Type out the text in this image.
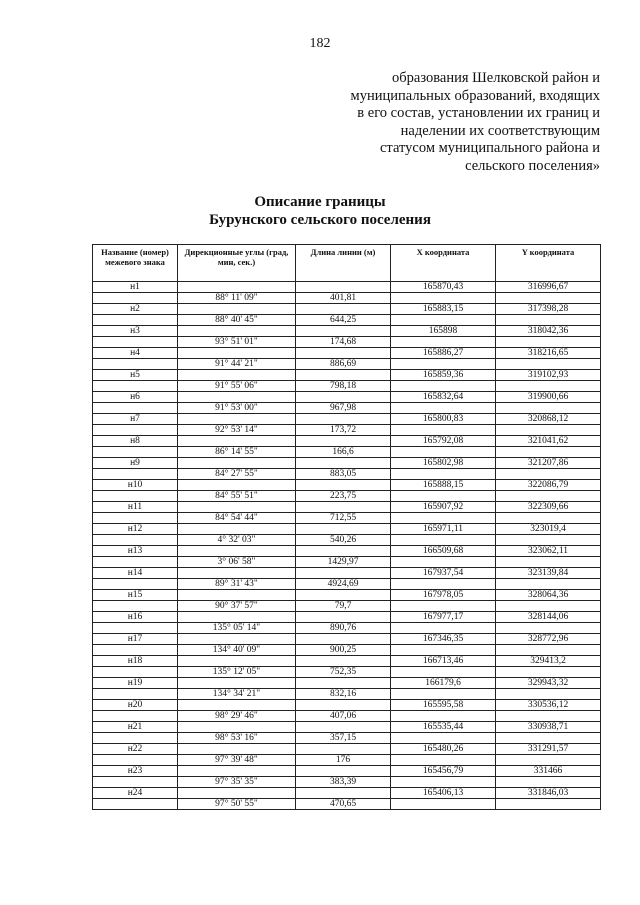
182
образования Шелковской район и
муниципальных образований, входящих
в его состав, установлении их границ и
наделении их соответствующим
статусом муниципального района и
сельского поселения»
Описание границы
Бурунского сельского поселения
Название (номер) межевого знака	Дирекционные углы (град, мин, сек.)	Длина линии (м)	X координата	Y координата
н1			165870,43	316996,67
	88° 11' 09"	401,81		
н2			165883,15	317398,28
	88° 40' 45"	644,25		
н3			165898	318042,36
	93° 51' 01"	174,68		
н4			165886,27	318216,65
	91° 44' 21"	886,69		
н5			165859,36	319102,93
	91° 55' 06"	798,18		
н6			165832,64	319900,66
	91° 53' 00"	967,98		
н7			165800,83	320868,12
	92° 53' 14"	173,72		
н8			165792,08	321041,62
	86° 14' 55"	166,6		
н9			165802,98	321207,86
	84° 27' 55"	883,05		
н10			165888,15	322086,79
	84° 55' 51"	223,75		
н11			165907,92	322309,66
	84° 54' 44"	712,55		
н12			165971,11	323019,4
	4° 32' 03"	540,26		
н13			166509,68	323062,11
	3° 06' 58"	1429,97		
н14			167937,54	323139,84
	89° 31' 43"	4924,69		
н15			167978,05	328064,36
	90° 37' 57"	79,7		
н16			167977,17	328144,06
	135° 05' 14"	890,76		
н17			167346,35	328772,96
	134° 40' 09"	900,25		
н18			166713,46	329413,2
	135° 12' 05"	752,35		
н19			166179,6	329943,32
	134° 34' 21"	832,16		
н20			165595,58	330536,12
	98° 29' 46"	407,06		
н21			165535,44	330938,71
	98° 53' 16"	357,15		
н22			165480,26	331291,57
	97° 39' 48"	176		
н23			165456,79	331466
	97° 35' 35"	383,39		
н24			165406,13	331846,03
	97° 50' 55"	470,65		
